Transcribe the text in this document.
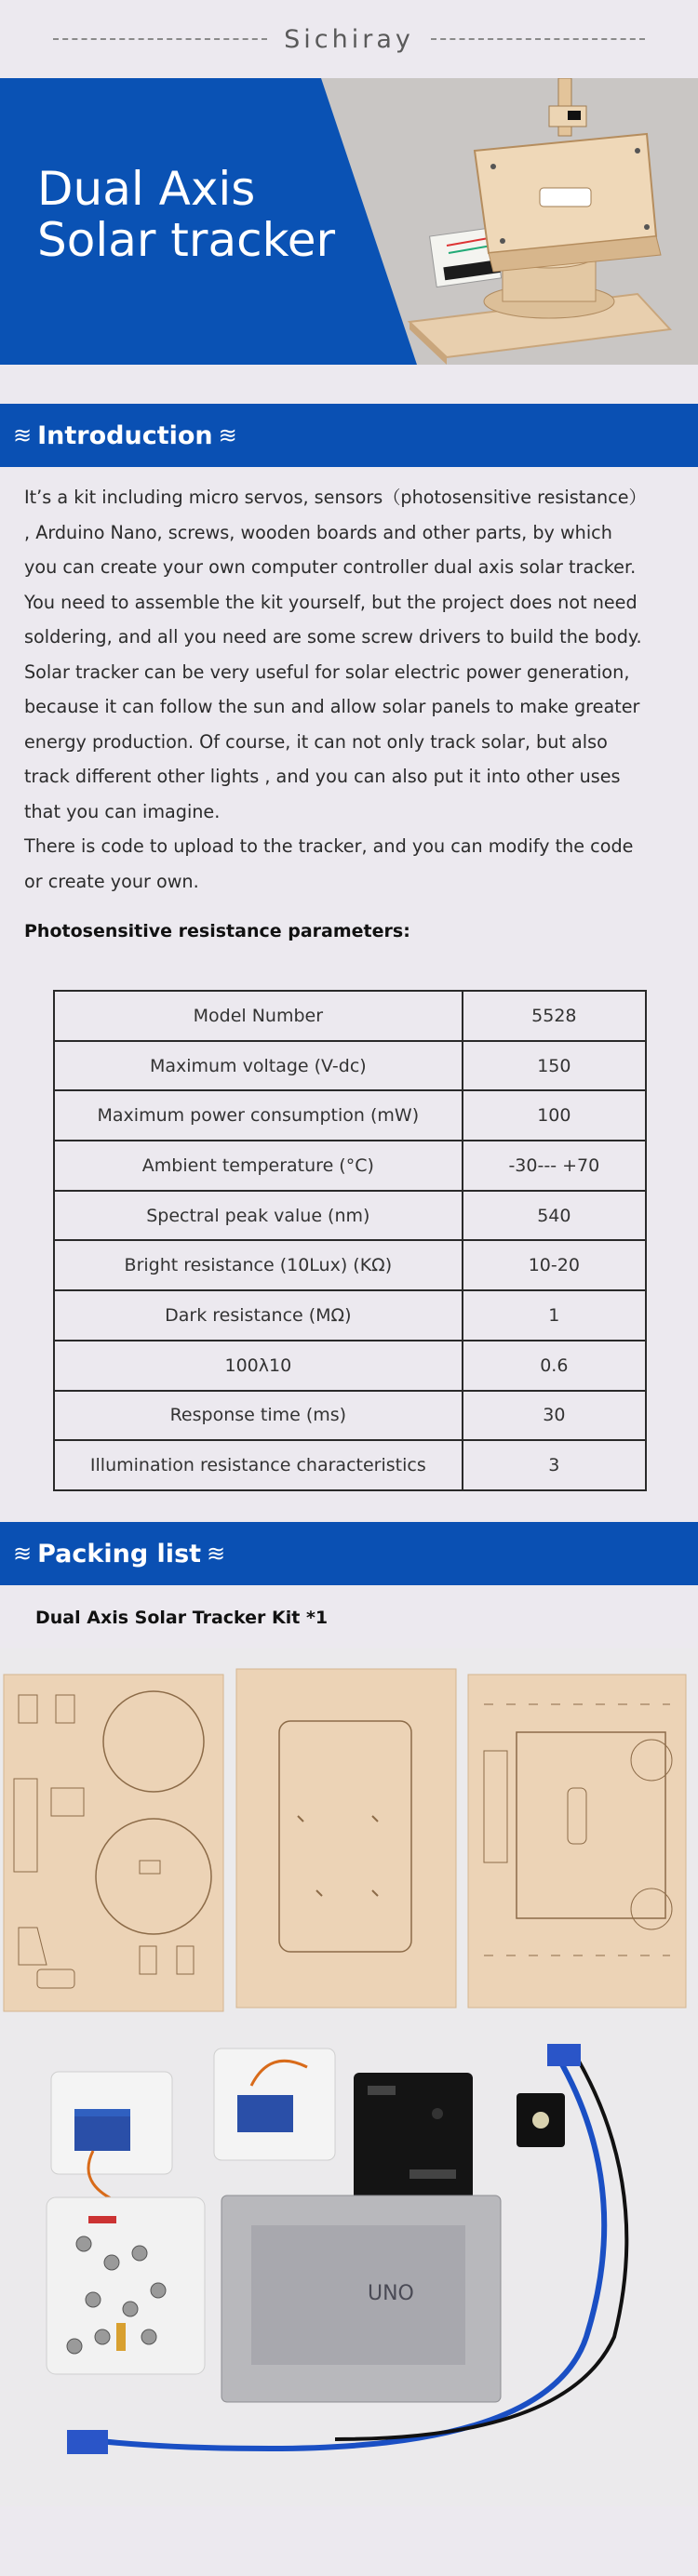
Sichiray
Dual Axis
Solar tracker
≋ Introduction ≋

It’s a kit including micro servos, sensors（photosensitive resistance）

, Arduino Nano, screws, wooden boards and other parts, by which

you can create your own computer controller dual axis solar tracker.

You need to assemble the kit yourself, but the project does not need

soldering, and all you need are some screw drivers to build the body.

Solar tracker can be very useful for solar electric power generation,

because it can follow the sun and allow solar panels to make greater

energy production. Of course, it can not only track solar, but also

track different other lights , and you can also put it into other uses

that you can imagine.

There is code to upload to the tracker, and you can modify the code

or create your own.

Photosensitive resistance parameters:
Model Number	5528
Maximum voltage (V-dc)	150
Maximum power consumption (mW)	100
Ambient temperature (°C)	-30--- +70
Spectral peak value (nm)	540
Bright resistance (10Lux) (KΩ)	10-20
Dark resistance (MΩ)	1
100λ10	0.6
Response time (ms)	30
Illumination resistance characteristics	3
≋ Packing list ≋
Dual Axis Solar Tracker Kit *1
UNO
